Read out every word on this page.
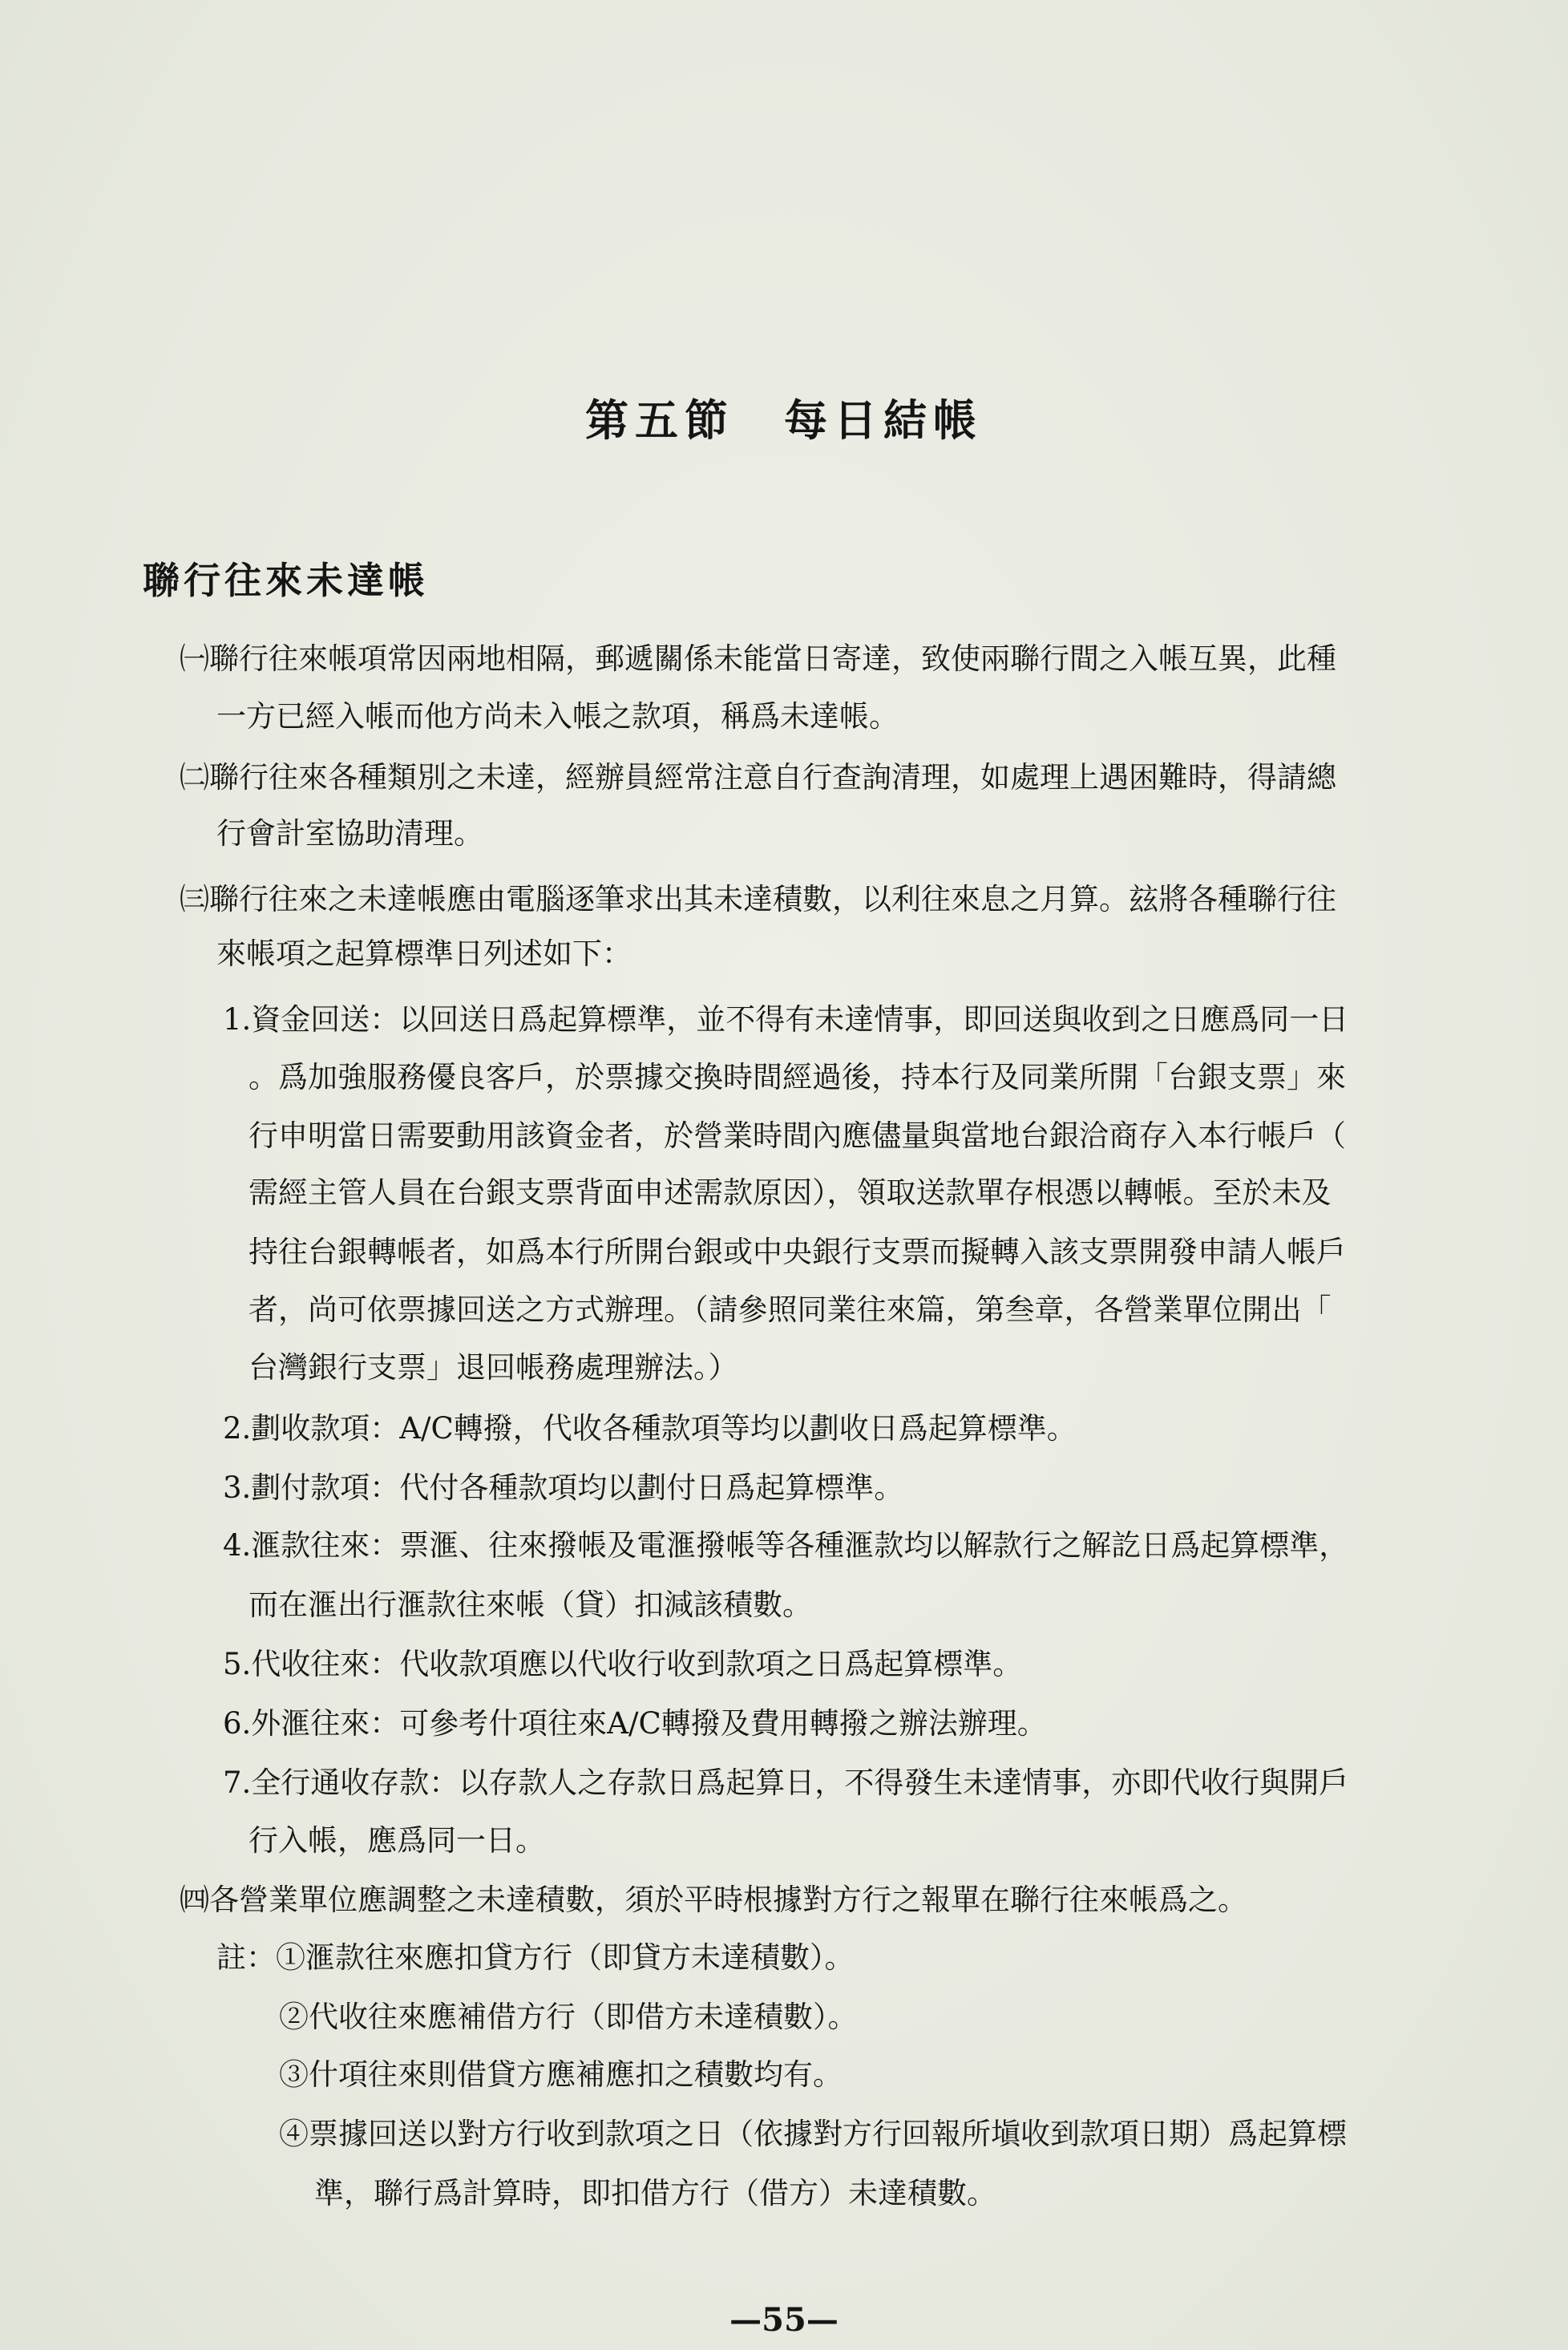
第五節　每日結帳
聯行往來未達帳
㈠聯行往來帳項常因兩地相隔，郵遞關係未能當日寄達，致使兩聯行間之入帳互異，此種
一方已經入帳而他方尚未入帳之款項，稱爲未達帳。
㈡聯行往來各種類別之未達，經辦員經常注意自行查詢清理，如處理上遇困難時，得請總
行會計室協助清理。
㈢聯行往來之未達帳應由電腦逐筆求出其未達積數，以利往來息之月算。玆將各種聯行往
來帳項之起算標準日列述如下：
1.資金回送：以回送日爲起算標準，並不得有未達情事，即回送與收到之日應爲同一日
。爲加強服務優良客戶，於票據交換時間經過後，持本行及同業所開「台銀支票」來
行申明當日需要動用該資金者，於營業時間內應儘量與當地台銀洽商存入本行帳戶（
需經主管人員在台銀支票背面申述需款原因），領取送款單存根憑以轉帳。至於未及
持往台銀轉帳者，如爲本行所開台銀或中央銀行支票而擬轉入該支票開發申請人帳戶
者，尚可依票據回送之方式辦理。（請參照同業往來篇，第叁章，各營業單位開出「
台灣銀行支票」退回帳務處理辦法。）
2.劃收款項：A/C轉撥，代收各種款項等均以劃收日爲起算標準。
3.劃付款項：代付各種款項均以劃付日爲起算標準。
4.滙款往來：票滙、往來撥帳及電滙撥帳等各種滙款均以解款行之解訖日爲起算標準，
而在滙出行滙款往來帳（貸）扣減該積數。
5.代收往來：代收款項應以代收行收到款項之日爲起算標準。
6.外滙往來：可參考什項往來A/C轉撥及費用轉撥之辦法辦理。
7.全行通收存款：以存款人之存款日爲起算日，不得發生未達情事，亦即代收行與開戶
行入帳，應爲同一日。
㈣各營業單位應調整之未達積數，須於平時根據對方行之報單在聯行往來帳爲之。
註：①滙款往來應扣貸方行（即貸方未達積數）。
②代收往來應補借方行（即借方未達積數）。
③什項往來則借貸方應補應扣之積數均有。
④票據回送以對方行收到款項之日（依據對方行回報所塡收到款項日期）爲起算標
準，聯行爲計算時，即扣借方行（借方）未達積數。
—55—
